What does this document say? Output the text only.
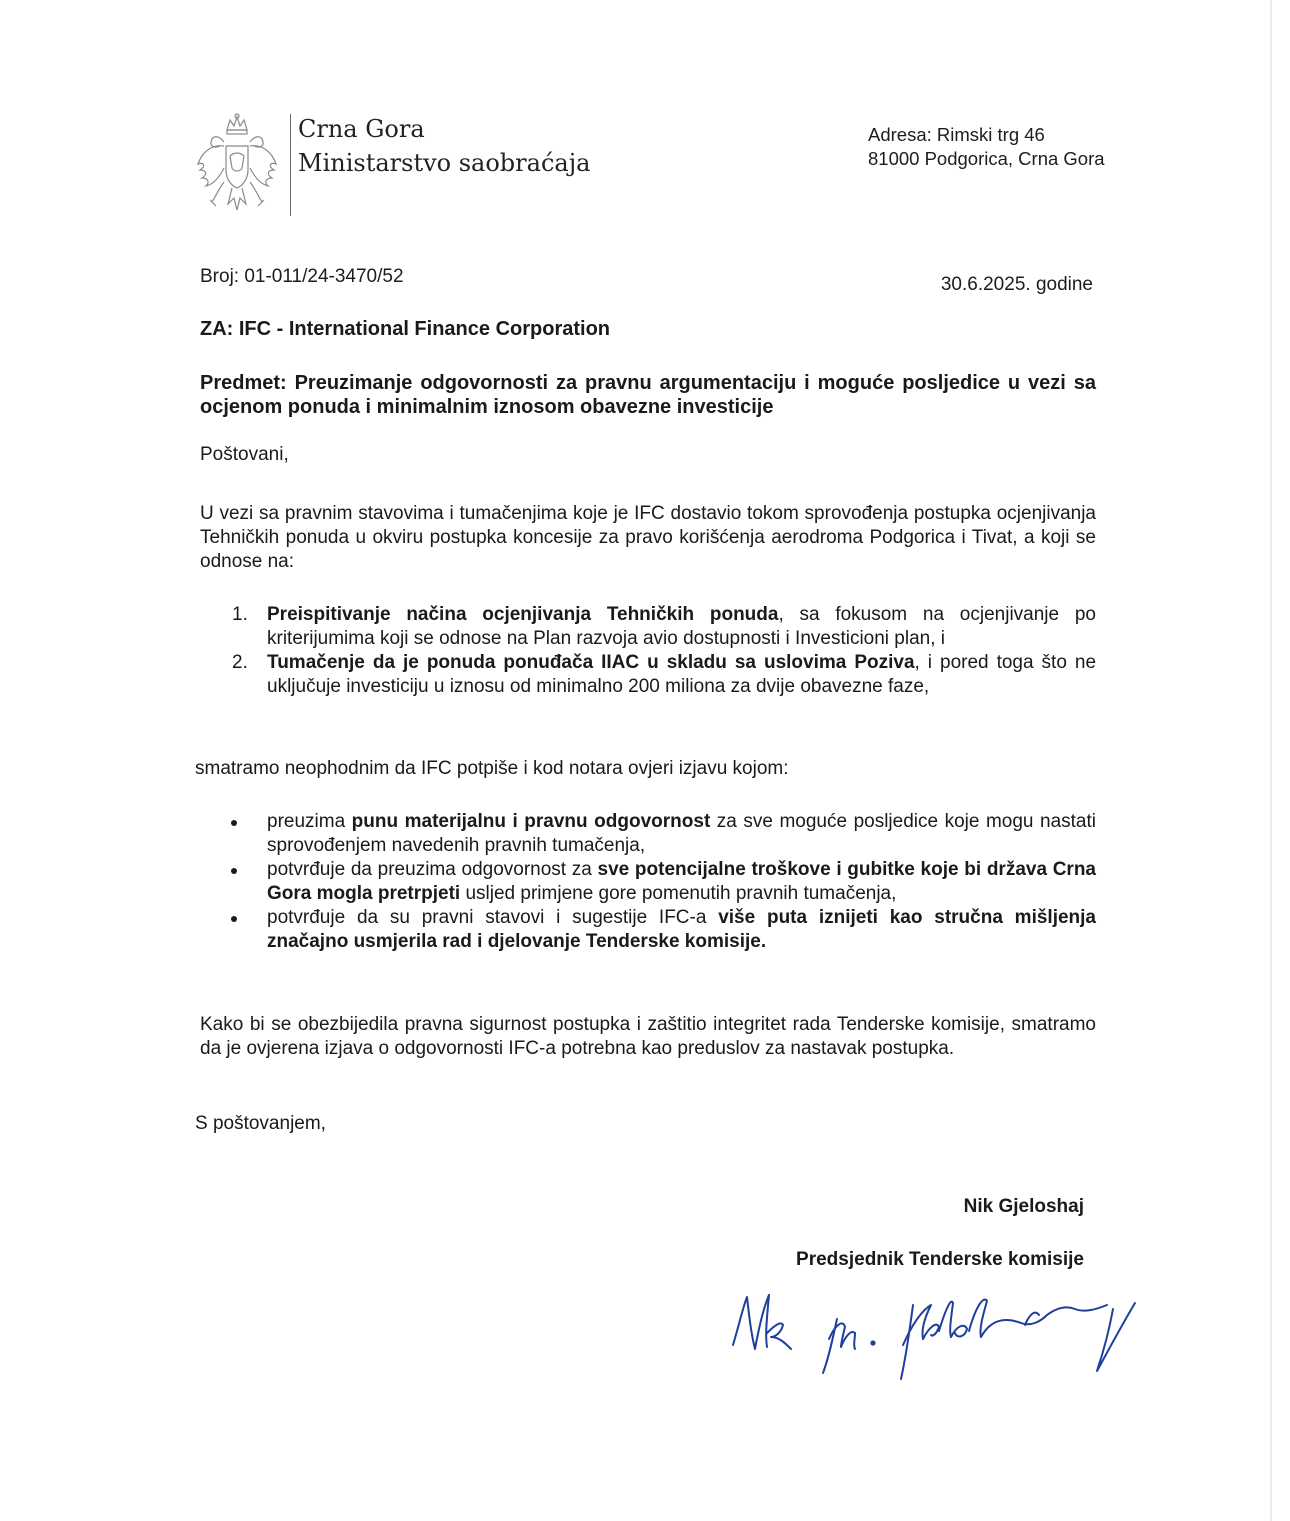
Crna Gora
Ministarstvo saobraćaja
Adresa: Rimski trg 46
81000 Podgorica, Crna Gora
Broj: 01-011/24-3470/52	30.6.2025. godine
ZA: IFC - International Finance Corporation
Predmet: Preuzimanje odgovornosti za pravnu argumentaciju i moguće posljedice u vezi sa ocjenom ponuda i minimalnim iznosom obavezne investicije
Poštovani,
U vezi sa pravnim stavovima i tumačenjima koje je IFC dostavio tokom sprovođenja postupka ocjenjivanja Tehničkih ponuda u okviru postupka koncesije za pravo korišćenja aerodroma Podgorica i Tivat, a koji se odnose na:
1. Preispitivanje načina ocjenjivanja Tehničkih ponuda, sa fokusom na ocjenjivanje po kriterijumima koji se odnose na Plan razvoja avio dostupnosti i Investicioni plan, i
2. Tumačenje da je ponuda ponuđača IIAC u skladu sa uslovima Poziva, i pored toga što ne uključuje investiciju u iznosu od minimalno 200 miliona za dvije obavezne faze,
smatramo neophodnim da IFC potpiše i kod notara ovjeri izjavu kojom:
preuzima punu materijalnu i pravnu odgovornost za sve moguće posljedice koje mogu nastati sprovođenjem navedenih pravnih tumačenja,
potvrđuje da preuzima odgovornost za sve potencijalne troškove i gubitke koje bi država Crna Gora mogla pretrpjeti usljed primjene gore pomenutih pravnih tumačenja,
potvrđuje da su pravni stavovi i sugestije IFC-a više puta iznijeti kao stručna mišljenja značajno usmjerila rad i djelovanje Tenderske komisije.
Kako bi se obezbijedila pravna sigurnost postupka i zaštitio integritet rada Tenderske komisije, smatramo da je ovjerena izjava o odgovornosti IFC-a potrebna kao preduslov za nastavak postupka.
S poštovanjem,
Nik Gjeloshaj
Predsjednik Tenderske komisije
